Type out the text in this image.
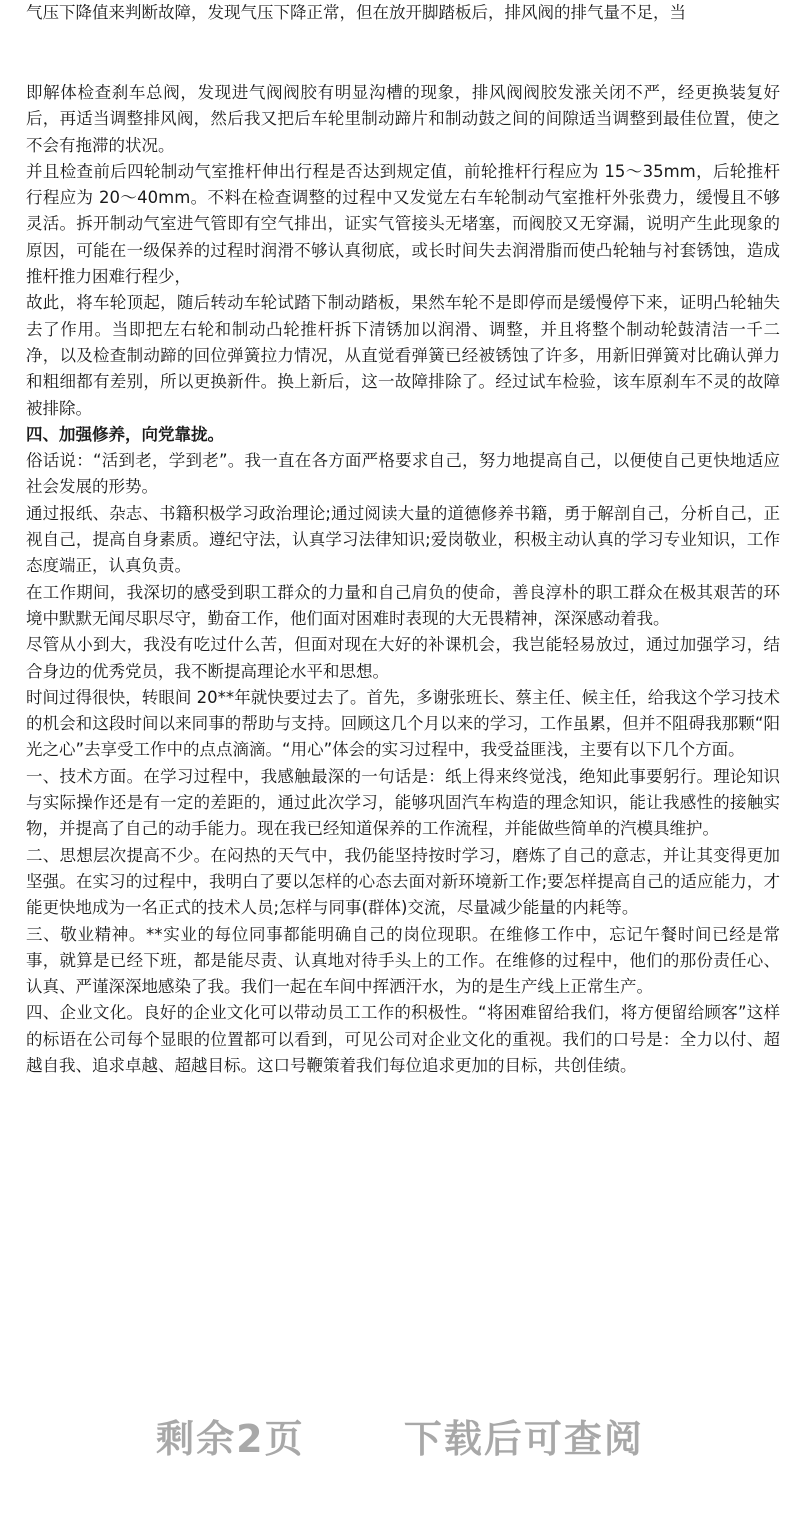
气压下降值来判断故障，发现气压下降正常，但在放开脚踏板后，排风阀的排气量不足，当

即解体检查刹车总阀，发现进气阀阀胶有明显沟槽的现象，排风阀阀胶发涨关闭不严，经更换装复好后，再适当调整排风阀，然后我又把后车轮里制动蹄片和制动鼓之间的间隙适当调整到最佳位置，使之不会有拖滞的状况。

并且检查前后四轮制动气室推杆伸出行程是否达到规定值，前轮推杆行程应为 15～35mm，后轮推杆行程应为 20～40mm。不料在检查调整的过程中又发觉左右车轮制动气室推杆外张费力，缓慢且不够灵活。拆开制动气室进气管即有空气排出，证实气管接头无堵塞，而阀胶又无穿漏，说明产生此现象的原因，可能在一级保养的过程时润滑不够认真彻底，或长时间失去润滑脂而使凸轮轴与衬套锈蚀，造成推杆推力困难行程少，

故此，将车轮顶起，随后转动车轮试踏下制动踏板，果然车轮不是即停而是缓慢停下来，证明凸轮轴失去了作用。当即把左右轮和制动凸轮推杆拆下清锈加以润滑、调整，并且将整个制动轮鼓清洁一千二净，以及检查制动蹄的回位弹簧拉力情况，从直觉看弹簧已经被锈蚀了许多，用新旧弹簧对比确认弹力和粗细都有差别，所以更换新件。换上新后，这一故障排除了。经过试车检验，该车原刹车不灵的故障被排除。

四、加强修养，向党靠拢。

俗话说：“活到老，学到老”。我一直在各方面严格要求自己，努力地提高自己，以便使自己更快地适应社会发展的形势。

通过报纸、杂志、书籍积极学习政治理论;通过阅读大量的道德修养书籍，勇于解剖自己，分析自己，正视自己，提高自身素质。遵纪守法，认真学习法律知识;爱岗敬业，积极主动认真的学习专业知识，工作态度端正，认真负责。

在工作期间，我深切的感受到职工群众的力量和自己肩负的使命，善良淳朴的职工群众在极其艰苦的环境中默默无闻尽职尽守，勤奋工作，他们面对困难时表现的大无畏精神，深深感动着我。

尽管从小到大，我没有吃过什么苦，但面对现在大好的补课机会，我岂能轻易放过，通过加强学习，结合身边的优秀党员，我不断提高理论水平和思想。

时间过得很快，转眼间 20**年就快要过去了。首先，多谢张班长、蔡主任、候主任，给我这个学习技术的机会和这段时间以来同事的帮助与支持。回顾这几个月以来的学习，工作虽累，但并不阻碍我那颗“阳光之心”去享受工作中的点点滴滴。“用心”体会的实习过程中，我受益匪浅，主要有以下几个方面。

一、技术方面。在学习过程中，我感触最深的一句话是：纸上得来终觉浅，绝知此事要躬行。理论知识与实际操作还是有一定的差距的，通过此次学习，能够巩固汽车构造的理念知识，能让我感性的接触实物，并提高了自己的动手能力。现在我已经知道保养的工作流程，并能做些简单的汽模具维护。

二、思想层次提高不少。在闷热的天气中，我仍能坚持按时学习，磨炼了自己的意志，并让其变得更加坚强。在实习的过程中，我明白了要以怎样的心态去面对新环境新工作;要怎样提高自己的适应能力，才能更快地成为一名正式的技术人员;怎样与同事(群体)交流，尽量减少能量的内耗等。

三、敬业精神。**实业的每位同事都能明确自己的岗位现职。在维修工作中，忘记午餐时间已经是常事，就算是已经下班，都是能尽责、认真地对待手头上的工作。在维修的过程中，他们的那份责任心、认真、严谨深深地感染了我。我们一起在车间中挥洒汗水，为的是生产线上正常生产。

四、企业文化。良好的企业文化可以带动员工工作的积极性。“将困难留给我们，将方便留给顾客”这样的标语在公司每个显眼的位置都可以看到，可见公司对企业文化的重视。我们的口号是：全力以付、超越自我、追求卓越、超越目标。这口号鞭策着我们每位追求更加的目标，共创佳绩。

剩余2页	下载后可查阅
